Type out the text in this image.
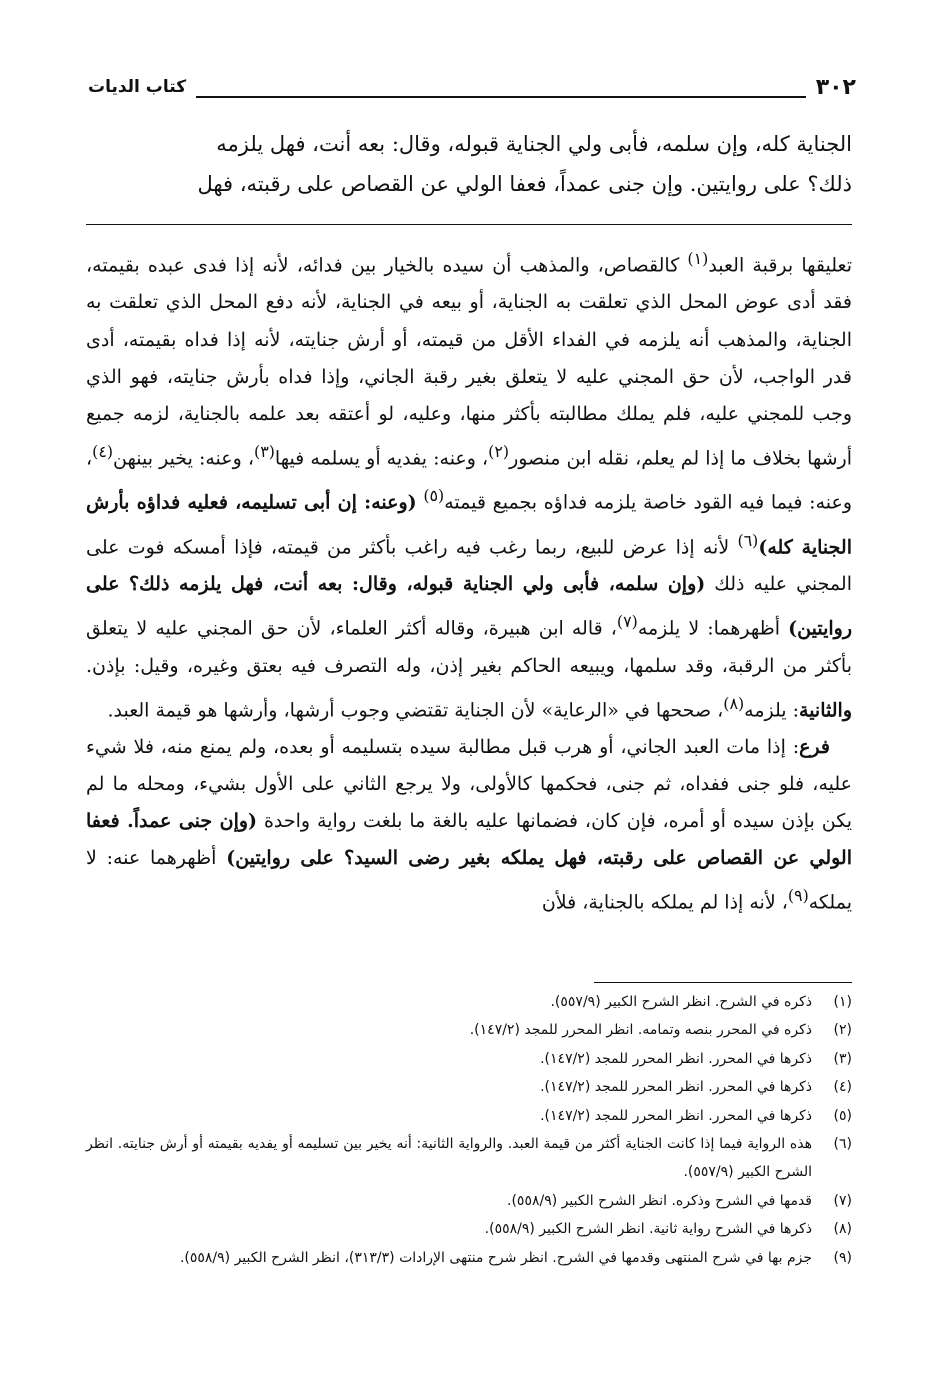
٣٠٢
كتاب الديات
الجناية كله، وإن سلمه، فأبى ولي الجناية قبوله، وقال: بعه أنت، فهل يلزمه
ذلك؟ على روايتين. وإن جنى عمداً، فعفا الولي عن القصاص على رقبته، فهل

تعليقها برقبة العبد$^{(١)}$ كالقصاص، والمذهب أن سيده بالخيار بين فدائه، لأنه إذا فدى عبده بقيمته، فقد أدى عوض المحل الذي تعلقت به الجناية، أو بيعه في الجناية، لأنه دفع المحل الذي تعلقت به الجناية، والمذهب أنه يلزمه في الفداء الأقل من قيمته، أو أرش جنايته، لأنه إذا فداه بقيمته، أدى قدر الواجب، لأن حق المجني عليه لا يتعلق بغير رقبة الجاني، وإذا فداه بأرش جنايته، فهو الذي وجب للمجني عليه، فلم يملك مطالبته بأكثر منها، وعليه، لو أعتقه بعد علمه بالجناية، لزمه جميع أرشها بخلاف ما إذا لم يعلم، نقله ابن منصور$^{(٢)}$، وعنه: يفديه أو يسلمه فيها$^{(٣)}$، وعنه: يخير بينهن$^{(٤)}$، وعنه: فيما فيه القود خاصة يلزمه فداؤه بجميع قيمته$^{(٥)}$ (وعنه: إن أبى تسليمه، فعليه فداؤه بأرش الجناية كله)$^{(٦)}$ لأنه إذا عرض للبيع، ربما رغب فيه راغب بأكثر من قيمته، فإذا أمسكه فوت على المجني عليه ذلك (وإن سلمه، فأبى ولي الجناية قبوله، وقال: بعه أنت، فهل يلزمه ذلك؟ على روايتين) أظهرهما: لا يلزمه$^{(٧)}$، قاله ابن هبيرة، وقاله أكثر العلماء، لأن حق المجني عليه لا يتعلق بأكثر من الرقبة، وقد سلمها، ويبيعه الحاكم بغير إذن، وله التصرف فيه بعتق وغيره، وقيل: بإذن. والثانية: يلزمه$^{(٨)}$، صححها في «الرعاية» لأن الجناية تقتضي وجوب أرشها، وأرشها هو قيمة العبد.

فرع: إذا مات العبد الجاني، أو هرب قبل مطالبة سيده بتسليمه أو بعده، ولم يمنع منه، فلا شيء عليه، فلو جنى ففداه، ثم جنى، فحكمها كالأولى، ولا يرجع الثاني على الأول بشيء، ومحله ما لم يكن بإذن سيده أو أمره، فإن كان، فضمانها عليه بالغة ما بلغت رواية واحدة (وإن جنى عمداً. فعفا الولي عن القصاص على رقبته، فهل يملكه بغير رضى السيد؟ على روايتين) أظهرهما عنه: لا يملكه$^{(٩)}$، لأنه إذا لم يملكه بالجناية، فلأن

(١)
ذكره في الشرح. انظر الشرح الكبير (٥٥٧/٩).
(٢)
ذكره في المحرر بنصه وتمامه. انظر المحرر للمجد (١٤٧/٢).
(٣)
ذكرها في المحرر. انظر المحرر للمجد (١٤٧/٢).
(٤)
ذكرها في المحرر. انظر المحرر للمجد (١٤٧/٢).
(٥)
ذكرها في المحرر. انظر المحرر للمجد (١٤٧/٢).
(٦)
هذه الرواية فيما إذا كانت الجناية أكثر من قيمة العبد. والرواية الثانية: أنه يخير بين تسليمه أو يفديه بقيمته أو أرش جنايته. انظر الشرح الكبير (٥٥٧/٩).
(٧)
قدمها في الشرح وذكره. انظر الشرح الكبير (٥٥٨/٩).
(٨)
ذكرها في الشرح رواية ثانية. انظر الشرح الكبير (٥٥٨/٩).
(٩)
جزم بها في شرح المنتهى وقدمها في الشرح. انظر شرح منتهى الإرادات (٣١٣/٣)، انظر الشرح الكبير (٥٥٨/٩).
